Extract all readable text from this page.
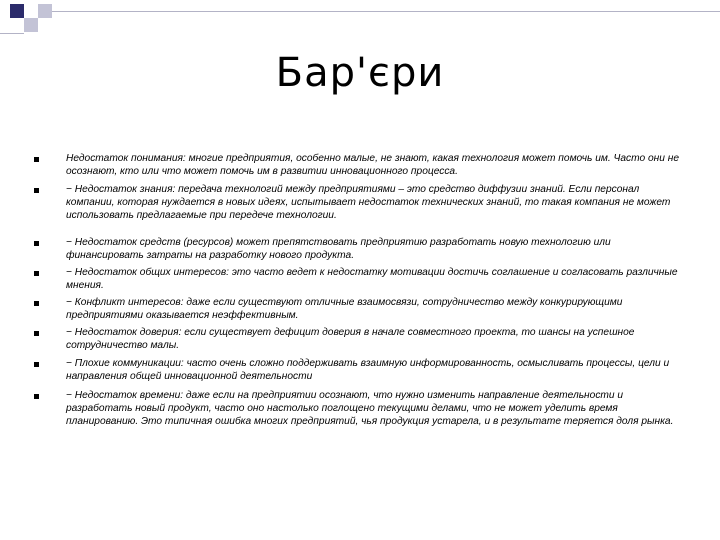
Бар'єри

Недостаток понимания: многие предприятия, особенно малые, не знают, какая технология может помочь им. Часто они не осознают, кто или что может помочь им в развитии инновационного процесса.

− Недостаток знания: передача технологий между предприятиями – это средство диффузии знаний. Если персонал компании, которая нуждается в новых идеях, испытывает недостаток технических знаний, то такая компания не может использовать предлагаемые при передече технологии.

− Недостаток средств (ресурсов) может препятствовать предприятию разработать новую технологию или финансировать затраты на разработку нового продукта.

− Недостаток общих интересов: это часто ведет к недостатку мотивации достичь соглашение и согласовать различные мнения.

− Конфликт интересов: даже если существуют отличные взаимосвязи, сотрудничество между конкурирующими предприятиями оказывается неэффективным.

− Недостаток доверия: если существует дефицит доверия в начале совместного проекта, то шансы на успешное сотрудничество малы.

− Плохие коммуникации: часто очень сложно поддерживать взаимную информированность, осмысливать процессы, цели и направления общей инновационной деятельности

− Недостаток времени: даже если на предприятии осознают, что нужно изменить направление деятельности и разработать новый продукт, часто оно настолько поглощено текущими делами, что не может уделить время планированию. Это типичная ошибка многих предприятий, чья продукция устарела, и в результате теряется доля рынка.
